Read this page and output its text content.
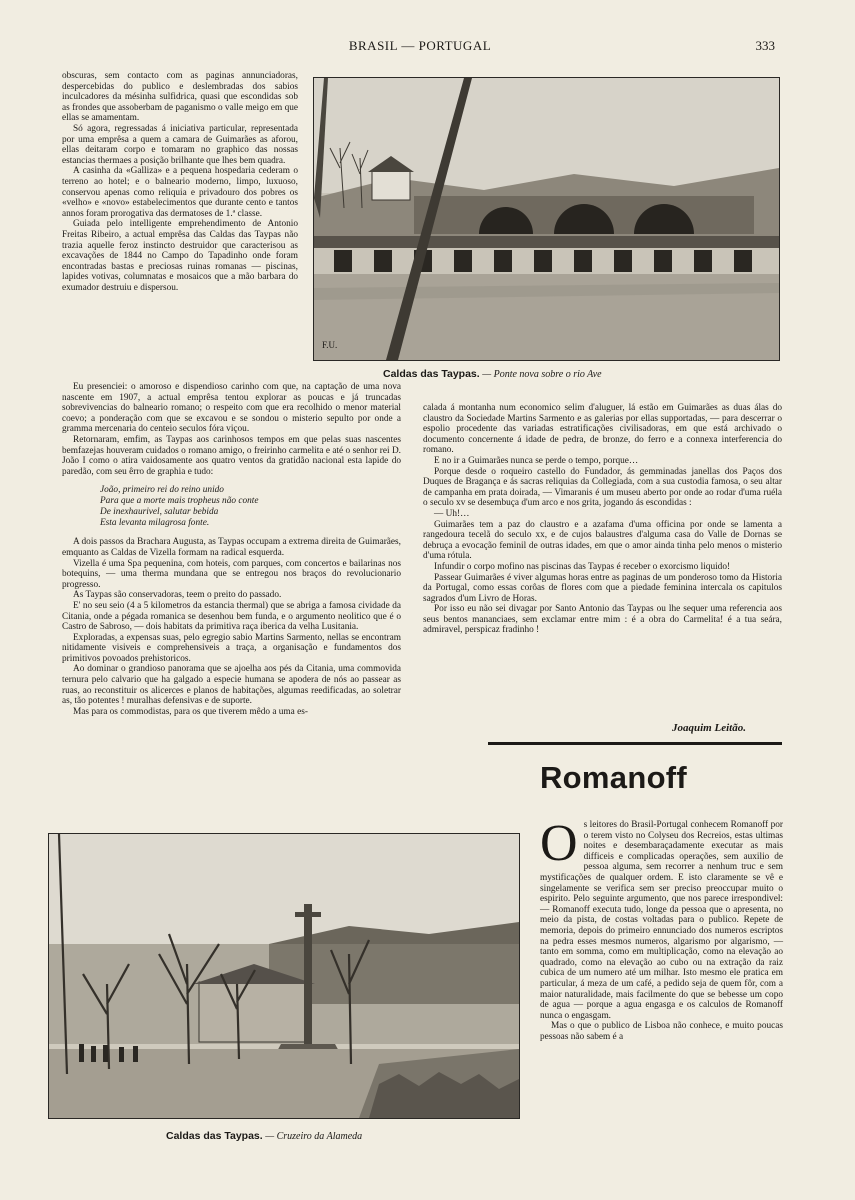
BRASIL — PORTUGAL	333

obscuras, sem contacto com as paginas annunciadoras, despercebidas do publico e deslembradas dos sabios inculcadores da mésinha sulfidrica, quasi que escondidas sob as frondes que assoberbam de paganismo o valle meigo em que ellas se amamentam.

Só agora, regressadas á iniciativa particular, representada por uma emprêsa a quem a camara de Guimarães as aforou, ellas deitaram corpo e tomaram no graphico das nossas estancias thermaes a posição brilhante que lhes bem quadra.

A casinha da «Galliza» e a pequena hospedaria cederam o terreno ao hotel; e o balneario moderno, limpo, luxuoso, conservou apenas como reliquia e privadouro dos pobres os «velho» e «novo» estabelecimentos que durante cento e tantos annos foram prorogativa das dermatoses de 1.ª classe.

Guiada pelo intelligente emprehendimento de Antonio Freitas Ribeiro, a actual emprêsa das Caldas das Taypas não trazia aquelle feroz instincto destruidor que caracterisou as excavações de 1844 no Campo do Tapadinho onde foram encontradas bastas e preciosas ruinas romanas — piscinas, lapides votivas, columnatas e mosaicos que a mão barbara do exumador destruiu e dispersou.

F.U.
Caldas das Taypas. — Ponte nova sobre o rio Ave

Eu presenciei: o amoroso e dispendioso carinho com que, na captação de uma nova nascente em 1907, a actual emprêsa tentou explorar as poucas e já truncadas sobrevivencias do balneario romano; o respeito com que era recolhido o menor material coevo; a ponderação com que se excavou e se sondou o misterio sepulto por onde a gramma mercenaria do centeio seculos fóra viçou.

Retornaram, emfim, as Taypas aos carinhosos tempos em que pelas suas nascentes bemfazejas houveram cuidados o romano amigo, o freirinho carmelita e até o senhor rei D. João I como o atira vaidosamente aos quatro ventos da gratidão nacional esta lapide do paredão, com seu êrro de graphia e tudo:

João, primeiro rei do reino unido
Para que a morte mais tropheus não conte
De inexhaurivel, salutar bebida
Esta levanta milagrosa fonte.

A dois passos da Brachara Augusta, as Taypas occupam a extrema direita de Guimarães, emquanto as Caldas de Vizella formam na radical esquerda.

Vizella é uma Spa pequenina, com hoteis, com parques, com concertos e bailarinas nos botequins, — uma therma mundana que se entregou nos braços do revolucionario progresso.

As Taypas são conservadoras, teem o preito do passado.

E' no seu seio (4 a 5 kilometros da estancia thermal) que se abriga a famosa cividade da Citania, onde a pégada romanica se desenhou bem funda, e o argumento neolitico que é o Castro de Sabroso, — dois habitats da primitiva raça iberica da velha Lusitania.

Exploradas, a expensas suas, pelo egregio sabio Martins Sarmento, nellas se encontram nitidamente visiveis e comprehensiveis a traça, a organisação e fundamentos dos primitivos povoados prehistoricos.

Ao dominar o grandioso panorama que se ajoelha aos pés da Citania, uma commovida ternura pelo calvario que ha galgado a especie humana se apodera de nós ao passear as ruas, ao reconstituir os alicerces e planos de habitações, algumas reedificadas, ao soletrar as, tão potentes ! muralhas defensivas e de suporte.

Mas para os commodistas, para os que tiverem mêdo a uma es-

calada á montanha num economico selim d'aluguer, lá estão em Guimarães as duas álas do claustro da Sociedade Martins Sarmento e as galerias por ellas supportadas, — para descerrar o espolio procedente das variadas estratificações civilisadoras, em que está archivado o documento concernente á idade de pedra, de bronze, do ferro e a connexa interferencia do romano.

E no ir a Guimarães nunca se perde o tempo, porque…

Porque desde o roqueiro castello do Fundador, ás gemminadas janellas dos Paços dos Duques de Bragança e ás sacras reliquias da Collegiada, com a sua custodia famosa, o seu altar de campanha em prata doirada, — Vimaranis é um museu aberto por onde ao rodar d'uma ruéla o seculo xv se desembuça d'um arco e nos grita, jogando ás escondidas :

— Uh!…

Guimarães tem a paz do claustro e a azafama d'uma officina por onde se lamenta a rangedoura tecelã do seculo xx, e de cujos balaustres d'alguma casa do Valle de Dornas se debruça a evocação feminil de outras idades, em que o amor ainda tinha pelo menos o misterio d'uma rótula.

Infundir o corpo mofino nas piscinas das Taypas é receber o exorcismo liquido!

Passear Guimarães é viver algumas horas entre as paginas de um ponderoso tomo da Historia da Portugal, como essas corôas de flores com que a piedade feminina intercala os capitulos sagrados d'um Livro de Horas.

Por isso eu não sei divagar por Santo Antonio das Taypas ou lhe sequer uma referencia aos seus bentos mananciaes, sem exclamar entre mim : é a obra do Carmelita! é a tua seára, admiravel, perspicaz fradinho !

Joaquim Leitão.
Romanoff

Os leitores do Brasil-Portugal conhecem Romanoff por o terem visto no Colyseu dos Recreios, estas ultimas noites e desembaraçadamente executar as mais difficeis e complicadas operações, sem auxilio de pessoa alguma, sem recorrer a nenhum truc e sem mystificações de qualquer ordem. E isto claramente se vê e singelamente se verifica sem ser preciso preoccupar muito o espirito. Pelo seguinte argumento, que nos parece irrespondivel: — Romanoff executa tudo, longe da pessoa que o apresenta, no meio da pista, de costas voltadas para o publico. Repete de memoria, depois do primeiro ennunciado dos numeros escriptos na pedra esses mesmos numeros, algarismo por algarismo, — tanto em somma, como em multiplicação, como na elevação ao quadrado, como na elevação ao cubo ou na extração da raiz cubica de um numero até um milhar. Isto mesmo ele pratica em particular, á meza de um café, a pedido seja de quem fôr, com a maior naturalidade, mais facilmente do que se bebesse um copo de agua — porque a agua engasga e os calculos de Romanoff nunca o engasgam.

Mas o que o publico de Lisboa não conhece, e muito poucas pessoas não sabem é a

Caldas das Taypas. — Cruzeiro da Alameda
